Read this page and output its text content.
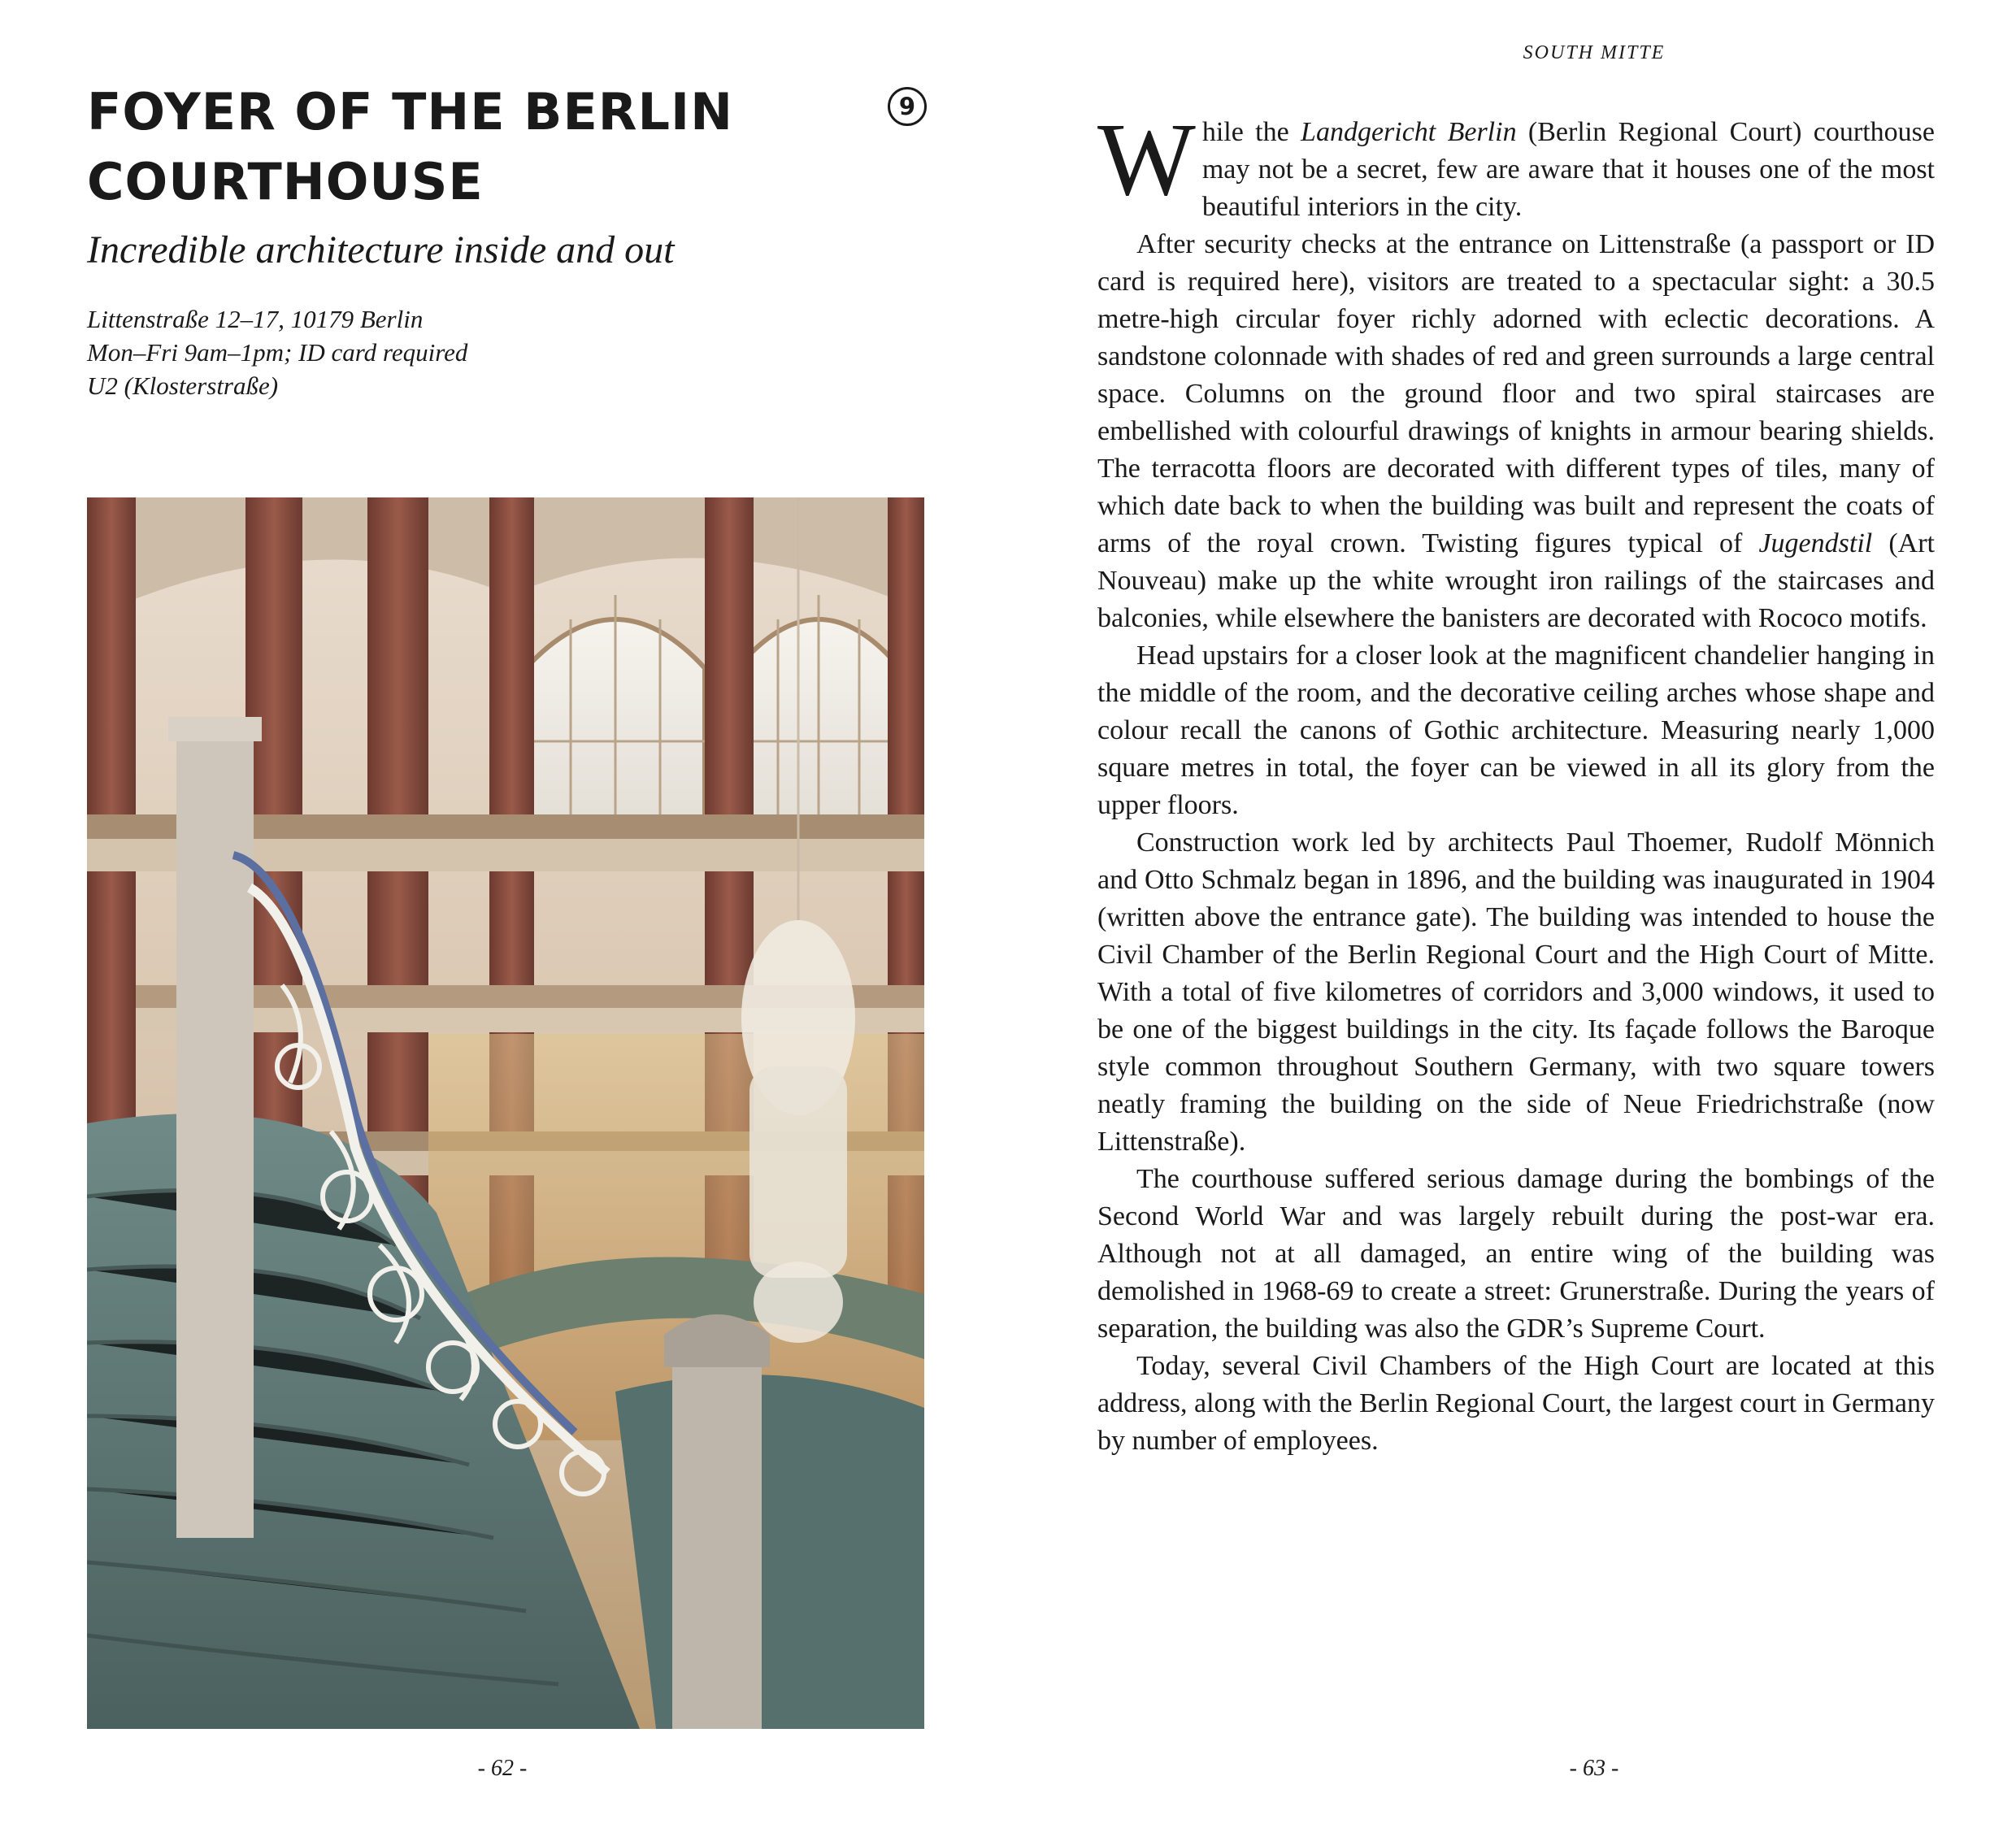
FOYER OF THE BERLIN
COURTHOUSE
9
Incredible architecture inside and out
Littenstraße 12–17, 10179 Berlin
Mon–Fri 9am–1pm; ID card required
U2 (Klosterstraße)
- 62 -
SOUTH MITTE

While the Landgericht Berlin (Berlin Regional Court) courthouse may not be a secret, few are aware that it houses one of the most beautiful interiors in the city.

After security checks at the entrance on Littenstraße (a passport or ID card is required here), visitors are treated to a spectacular sight: a 30.5 metre-high circular foyer richly adorned with eclectic decorations. A sandstone colonnade with shades of red and green surrounds a large central space. Columns on the ground floor and two spiral staircases are embellished with colourful drawings of knights in armour bearing shields. The terracotta floors are decorated with different types of tiles, many of which date back to when the building was built and represent the coats of arms of the royal crown. Twisting figures typical of Jugendstil (Art Nouveau) make up the white wrought iron railings of the staircases and balconies, while elsewhere the banisters are decorated with Rococo motifs.

Head upstairs for a closer look at the magnificent chandelier hanging in the middle of the room, and the decorative ceiling arches whose shape and colour recall the canons of Gothic architecture. Measuring nearly 1,000 square metres in total, the foyer can be viewed in all its glory from the upper floors.

Construction work led by architects Paul Thoemer, Rudolf Mönnich and Otto Schmalz began in 1896, and the building was inaugurated in 1904 (written above the entrance gate). The building was intended to house the Civil Chamber of the Berlin Regional Court and the High Court of Mitte. With a total of five kilometres of corridors and 3,000 windows, it used to be one of the biggest buildings in the city. Its façade follows the Baroque style common throughout Southern Germany, with two square towers neatly framing the building on the side of Neue Friedrichstraße (now Littenstraße).

The courthouse suffered serious damage during the bombings of the Second World War and was largely rebuilt during the post-war era. Although not at all damaged, an entire wing of the building was demolished in 1968-69 to create a street: Grunerstraße. During the years of separation, the building was also the GDR’s Supreme Court.

Today, several Civil Chambers of the High Court are located at this address, along with the Berlin Regional Court, the largest court in Germany by number of employees.

- 63 -
